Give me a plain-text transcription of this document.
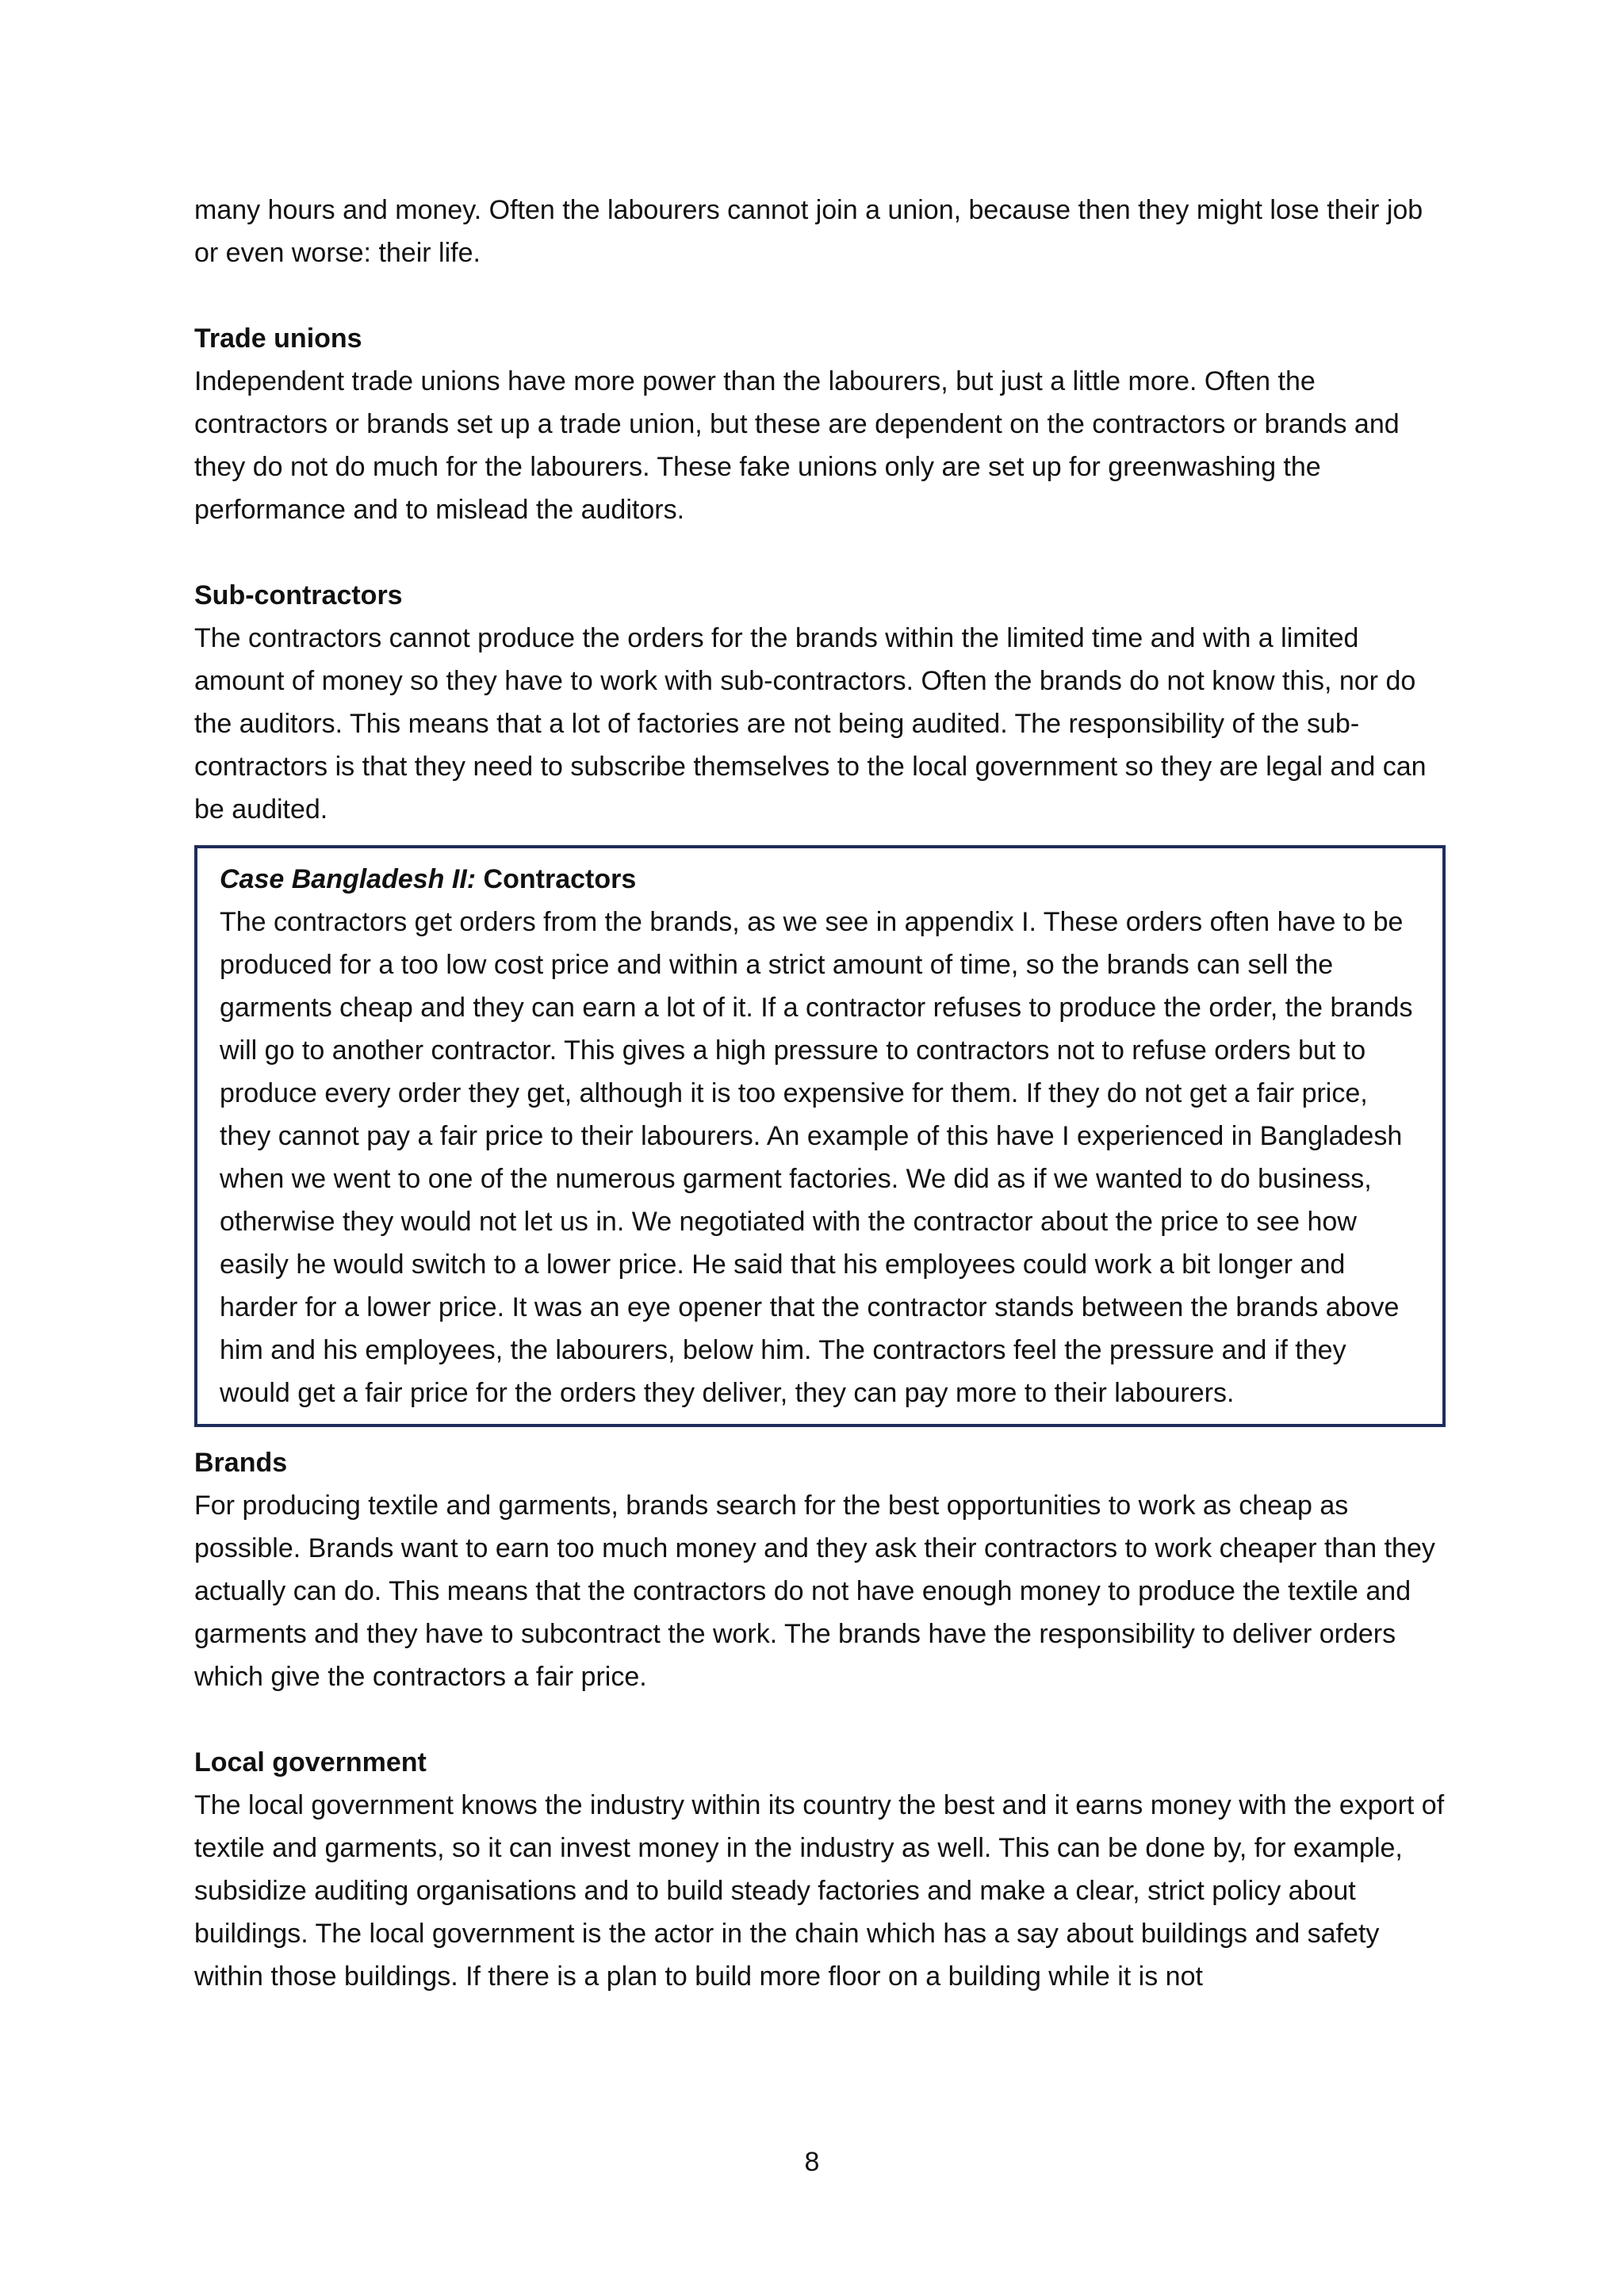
many hours and money. Often the labourers cannot join a union, because then they might lose their job or even worse: their life.

Trade unions

Independent trade unions have more power than the labourers, but just a little more. Often the contractors or brands set up a trade union, but these are dependent on the contractors or brands and they do not do much for the labourers. These fake unions only are set up for greenwashing the performance and to mislead the auditors.

Sub-contractors

The contractors cannot produce the orders for the brands within the limited time and with a limited amount of money so they have to work with sub-contractors. Often the brands do not know this, nor do the auditors. This means that a lot of factories are not being audited. The responsibility of the sub-contractors is that they need to subscribe themselves to the local government so they are legal and can be audited.

Case Bangladesh II: Contractors

The contractors get orders from the brands, as we see in appendix I. These orders often have to be produced for a too low cost price and within a strict amount of time, so the brands can sell the garments cheap and they can earn a lot of it. If a contractor refuses to produce the order, the brands will go to another contractor. This gives a high pressure to contractors not to refuse orders but to produce every order they get, although it is too expensive for them. If they do not get a fair price, they cannot pay a fair price to their labourers. An example of this have I experienced in Bangladesh when we went to one of the numerous garment factories. We did as if we wanted to do business, otherwise they would not let us in. We negotiated with the contractor about the price to see how easily he would switch to a lower price. He said that his employees could work a bit longer and harder for a lower price. It was an eye opener that the contractor stands between the brands above him and his employees, the labourers, below him. The contractors feel the pressure and if they would get a fair price for the orders they deliver, they can pay more to their labourers.

Brands

For producing textile and garments, brands search for the best opportunities to work as cheap as possible. Brands want to earn too much money and they ask their contractors to work cheaper than they actually can do. This means that the contractors do not have enough money to produce the textile and garments and they have to subcontract the work. The brands have the responsibility to deliver orders which give the contractors a fair price.

Local government

The local government knows the industry within its country the best and it earns money with the export of textile and garments, so it can invest money in the industry as well. This can be done by, for example, subsidize auditing organisations and to build steady factories and make a clear, strict policy about buildings. The local government is the actor in the chain which has a say about buildings and safety within those buildings. If there is a plan to build more floor on a building while it is not

8
